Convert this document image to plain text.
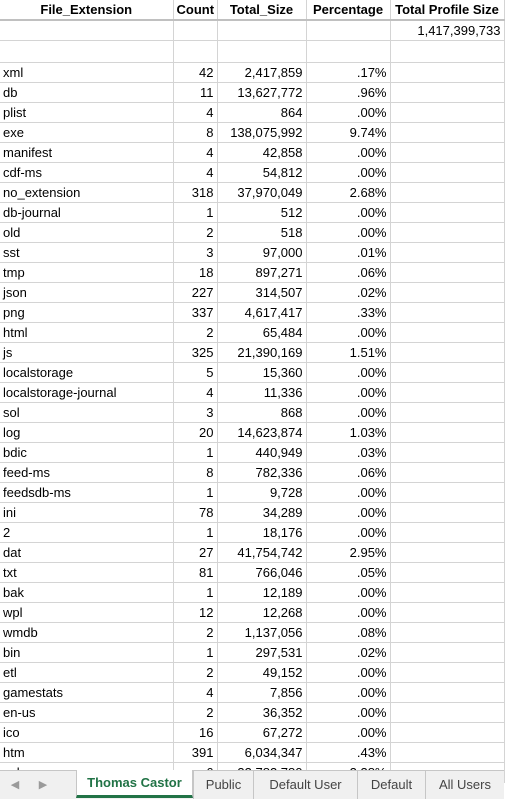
File_Extension	Count	Total_Size	Percentage	Total Profile Size
				1,417,399,733

xml	42	2,417,859	.17%	
db	11	13,627,772	.96%	
plist	4	864	.00%	
exe	8	138,075,992	9.74%	
manifest	4	42,858	.00%	
cdf-ms	4	54,812	.00%	
no_extension	318	37,970,049	2.68%	
db-journal	1	512	.00%	
old	2	518	.00%	
sst	3	97,000	.01%	
tmp	18	897,271	.06%	
json	227	314,507	.02%	
png	337	4,617,417	.33%	
html	2	65,484	.00%	
js	325	21,390,169	1.51%	
localstorage	5	15,360	.00%	
localstorage-journal	4	11,336	.00%	
sol	3	868	.00%	
log	20	14,623,874	1.03%	
bdic	1	440,949	.03%	
feed-ms	8	782,336	.06%	
feedsdb-ms	1	9,728	.00%	
ini	78	34,289	.00%	
2	1	18,176	.00%	
dat	27	41,754,742	2.95%	
txt	81	766,046	.05%	
bak	1	12,189	.00%	
wpl	12	12,268	.00%	
wmdb	2	1,137,056	.08%	
bin	1	297,531	.02%	
etl	2	49,152	.00%	
gamestats	4	7,856	.00%	
en-us	2	36,352	.00%	
ico	16	67,272	.00%	
htm	391	6,034,347	.43%	

◀ ▶	Thomas Castor	Public	Default User	Default	All Users
